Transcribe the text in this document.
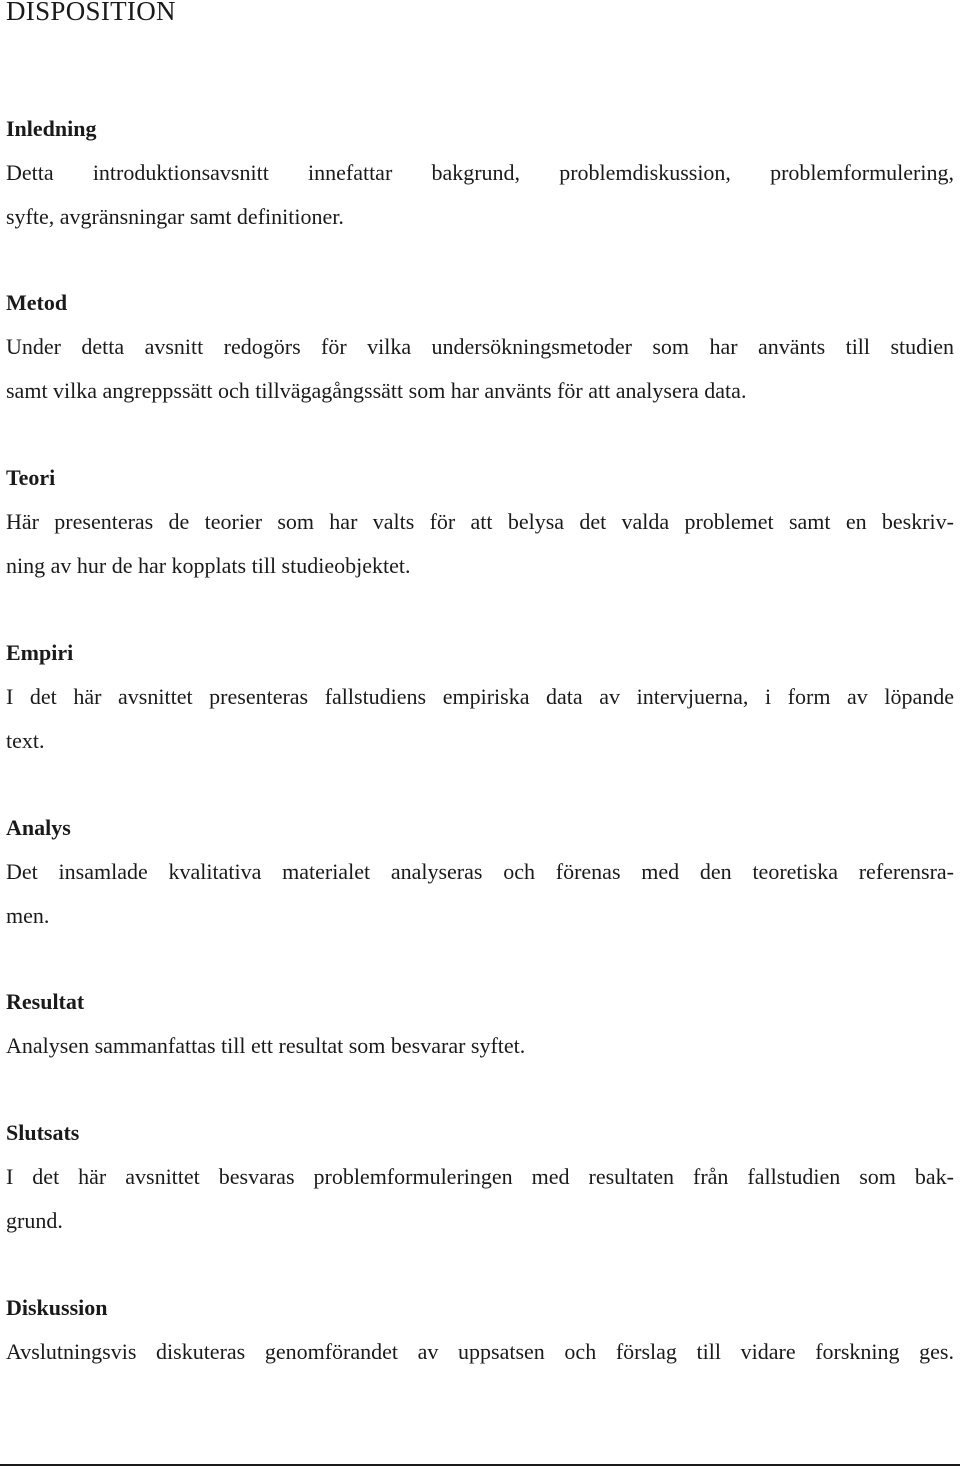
DISPOSITION
Inledning

Detta introduktionsavsnitt innefattar bakgrund, problemdiskussion, problemformulering,
syfte, avgränsningar samt definitioner.

Metod

Under detta avsnitt redogörs för vilka undersökningsmetoder som har använts till studien
samt vilka angreppssätt och tillvägagångssätt som har använts för att analysera data.

Teori

Här presenteras de teorier som har valts för att belysa det valda problemet samt en beskriv-
ning av hur de har kopplats till studieobjektet.

Empiri

I det här avsnittet presenteras fallstudiens empiriska data av intervjuerna, i form av löpande
text.

Analys

Det insamlade kvalitativa materialet analyseras och förenas med den teoretiska referensra-
men.

Resultat

Analysen sammanfattas till ett resultat som besvarar syftet.

Slutsats

I det här avsnittet besvaras problemformuleringen med resultaten från fallstudien som bak-
grund.

Diskussion

Avslutningsvis diskuteras genomförandet av uppsatsen och förslag till vidare forskning ges.
